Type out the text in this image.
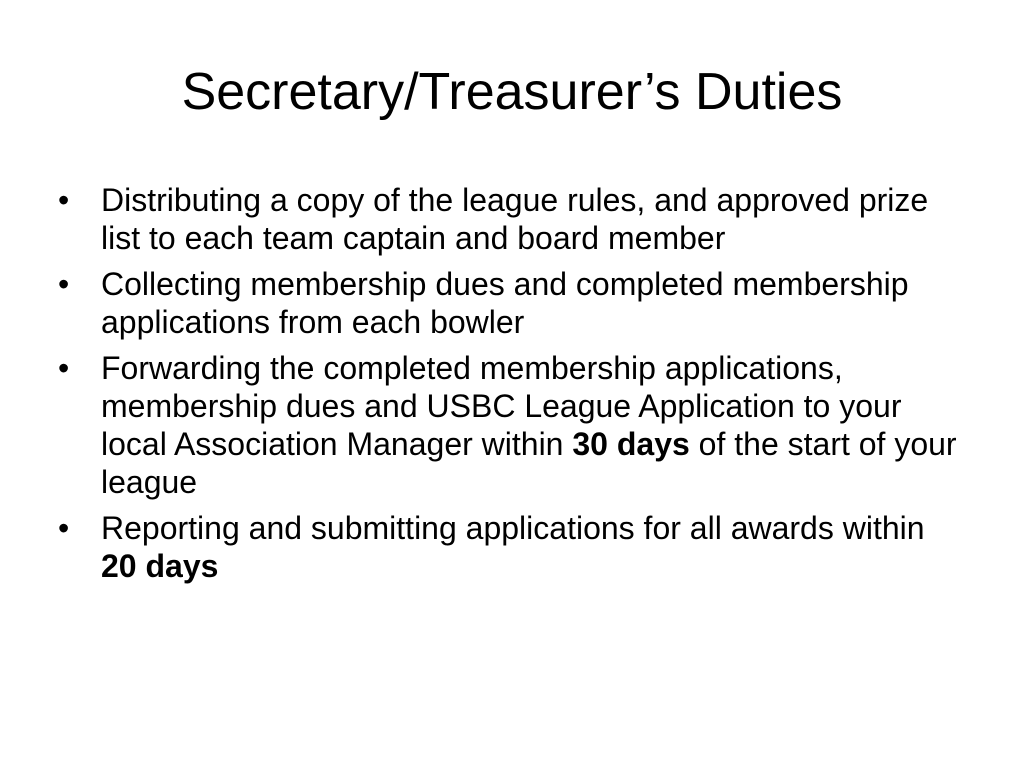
Secretary/Treasurer’s Duties
• Distributing a copy of the league rules, and approved prize list to each team captain and board member
• Collecting membership dues and completed membership applications from each bowler
• Forwarding the completed membership applications, membership dues and USBC League Application to your local Association Manager within 30 days of the start of your league
• Reporting and submitting applications for all awards within 20 days
